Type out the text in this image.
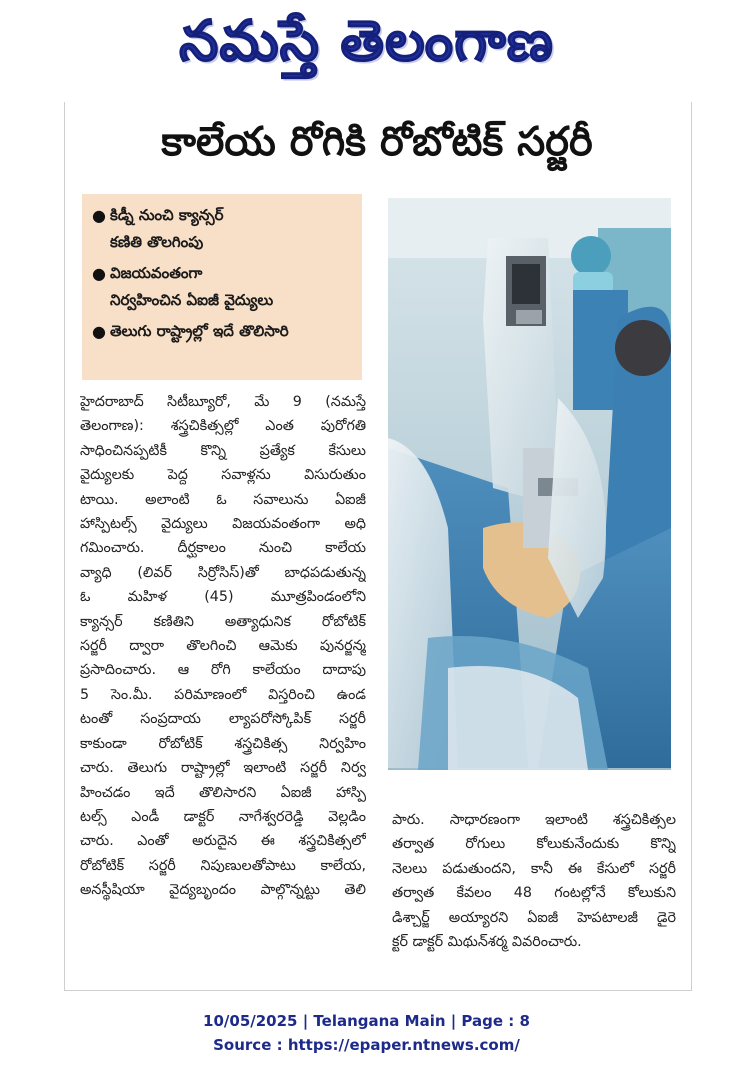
నమస్తే తెలంగాణ
కాలేయ రోగికి రోబోటిక్ సర్జరీ
● కిడ్నీ నుంచి క్యాన్సర్
కణితి తొలగింపు
● విజయవంతంగా
నిర్వహించిన ఏఐజీ వైద్యులు
● తెలుగు రాష్ట్రాల్లో ఇదే తొలిసారి
హైదరాబాద్ సిటీబ్యూరో, మే 9 (నమస్తే
తెలంగాణ): శస్త్రచికిత్సల్లో ఎంత పురోగతి
సాధించినప్పటికీ కొన్ని ప్రత్యేక కేసులు
వైద్యులకు పెద్ద సవాళ్లను విసురుతుం
టాయి. అలాంటి ఓ సవాలును ఏఐజీ
హాస్పిటల్స్ వైద్యులు విజయవంతంగా అధి
గమించారు. దీర్ఘకాలం నుంచి కాలేయ
వ్యాధి (లివర్ సిర్రోసిస్)తో బాధపడుతున్న
ఓ మహిళ (45) మూత్రపిండంలోని
క్యాన్సర్ కణితిని అత్యాధునిక రోబోటిక్
సర్జరీ ద్వారా తొలగించి ఆమెకు పునర్జన్మ
ప్రసాదించారు. ఆ రోగి కాలేయం దాదాపు
5 సెం.మీ. పరిమాణంలో విస్తరించి ఉండ
టంతో సంప్రదాయ ల్యాపరోస్కోపిక్ సర్జరీ
కాకుండా రోబోటిక్ శస్త్రచికిత్స నిర్వహిం
చారు. తెలుగు రాష్ట్రాల్లో ఇలాంటి సర్జరీ నిర్వ
హించడం ఇదే తొలిసారని ఏఐజీ హాస్పి
టల్స్ ఎండీ డాక్టర్ నాగేశ్వరరెడ్డి వెల్లడిం
చారు. ఎంతో అరుదైన ఈ శస్త్రచికిత్సలో
రోబోటిక్ సర్జరీ నిపుణులతోపాటు కాలేయ,
అనస్థీషియా వైద్యబృందం పాల్గొన్నట్టు తెలి
పారు. సాధారణంగా ఇలాంటి శస్త్రచికిత్సల
తర్వాత రోగులు కోలుకునేందుకు కొన్ని
నెలలు పడుతుందని, కానీ ఈ కేసులో సర్జరీ
తర్వాత కేవలం 48 గంటల్లోనే కోలుకుని
డిశ్చార్జ్ అయ్యారని ఏఐజీ హెపటాలజీ డైరె
క్టర్ డాక్టర్ మిథున్‌శర్మ వివరించారు.
10/05/2025 | Telangana Main | Page : 8
Source : https://epaper.ntnews.com/
